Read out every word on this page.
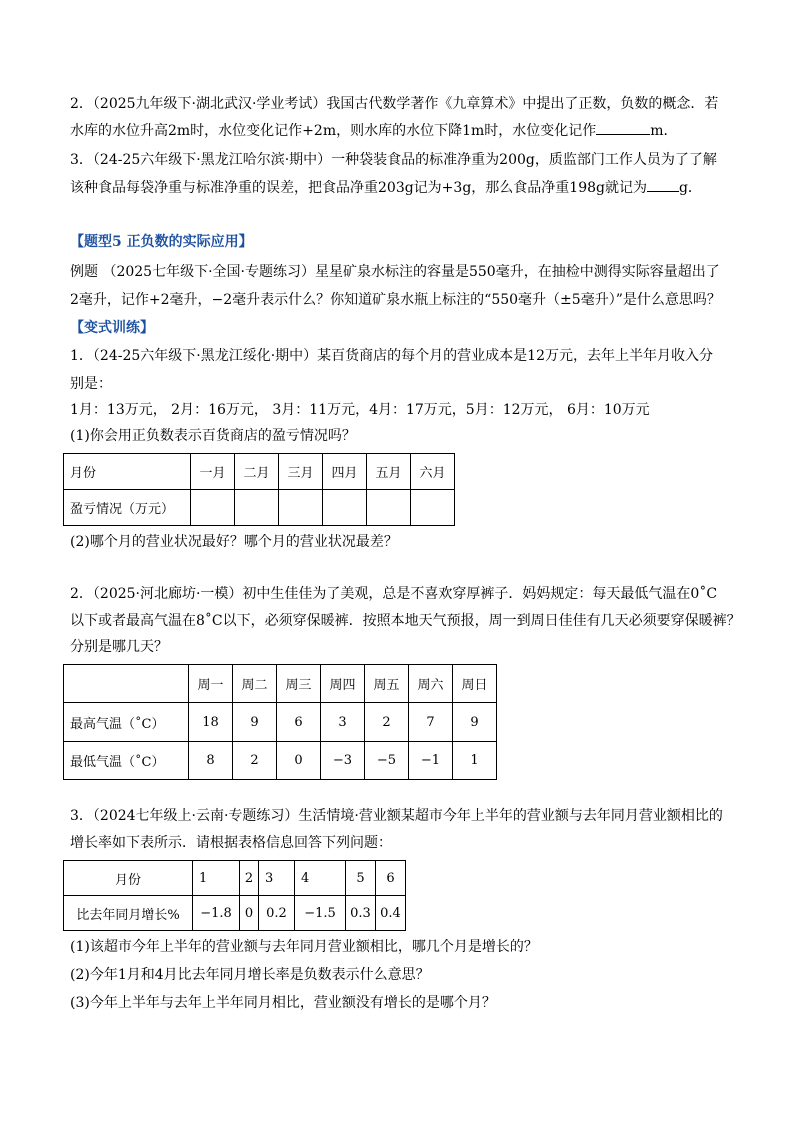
2．（2025九年级下·湖北武汉·学业考试）我国古代数学著作《九章算术》中提出了正数，负数的概念．若
水库的水位升高2m时，水位变化记作+2m，则水库的水位下降1m时，水位变化记作	m．
3．（24-25六年级下·黑龙江哈尔滨·期中）一种袋装食品的标准净重为200g，质监部门工作人员为了了解
该种食品每袋净重与标准净重的误差，把食品净重203g记为+3g，那么食品净重198g就记为 g．
【题型5 正负数的实际应用】
例题 （2025七年级下·全国·专题练习）星星矿泉水标注的容量是550毫升，在抽检中测得实际容量超出了
2毫升，记作+2毫升，−2毫升表示什么？你知道矿泉水瓶上标注的“550毫升（±5毫升）”是什么意思吗？
【变式训练】
1．（24-25六年级下·黑龙江绥化·期中）某百货商店的每个月的营业成本是12万元，去年上半年月收入分
别是：
1月：13万元， 2月：16万元， 3月：11万元，4月：17万元，5月：12万元， 6月：10万元
(1)你会用正负数表示百货商店的盈亏情况吗？
月份	一月	二月	三月	四月	五月	六月
盈亏情况（万元）						
(2)哪个月的营业状况最好？哪个月的营业状况最差？
2．（2025·河北廊坊·一模）初中生佳佳为了美观，总是不喜欢穿厚裤子．妈妈规定：每天最低气温在0˚C
以下或者最高气温在8˚C以下，必须穿保暖裤．按照本地天气预报，周一到周日佳佳有几天必须要穿保暖裤？
分别是哪几天？
	周一	周二	周三	周四	周五	周六	周日
最高气温（˚C）	18	9	6	3	2	7	9
最低气温（˚C）	8	2	0	−3	−5	−1	1
3．（2024七年级上·云南·专题练习）生活情境·营业额某超市今年上半年的营业额与去年同月营业额相比的
增长率如下表所示．请根据表格信息回答下列问题：
月份	1	2	3	4	5	6
比去年同月增长%	−1.8	0	0.2	−1.5	0.3	0.4
(1)该超市今年上半年的营业额与去年同月营业额相比，哪几个月是增长的？
(2)今年1月和4月比去年同月增长率是负数表示什么意思？
(3)今年上半年与去年上半年同月相比，营业额没有增长的是哪个月？
